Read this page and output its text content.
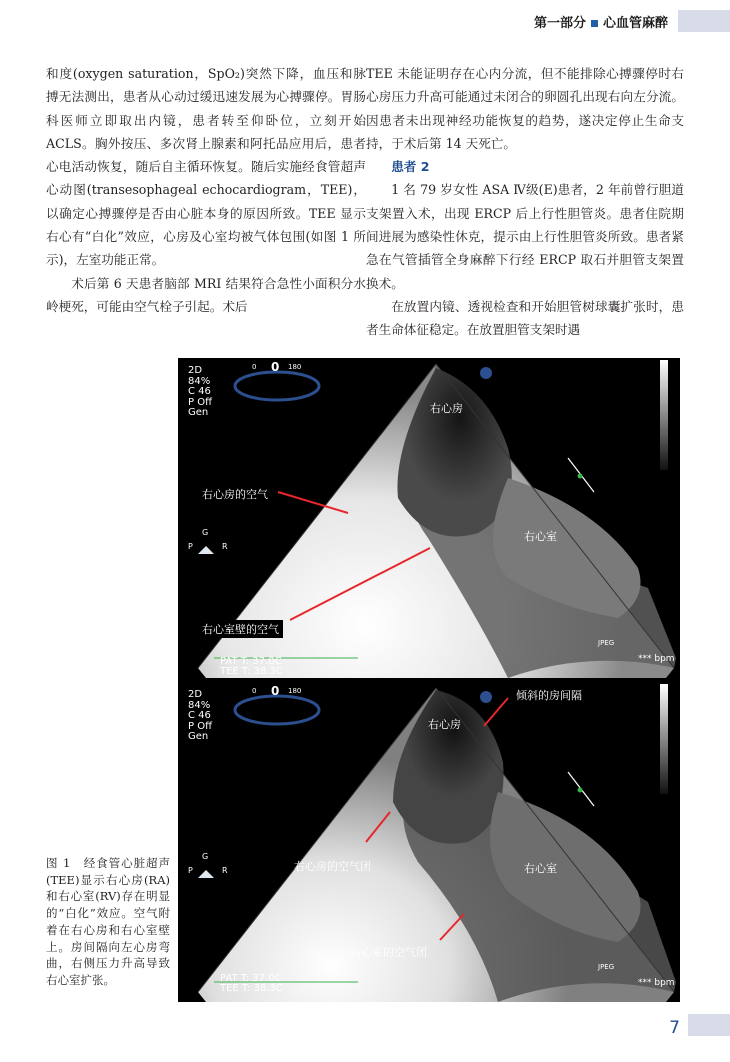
第一部分 心血管麻醉

和度(oxygen saturation，SpO₂)突然下降，血压和脉搏无法测出，患者从心动过缓迅速发展为心搏骤停。胃肠科医师立即取出内镜，患者转至仰卧位，立刻开始 ACLS。胸外按压、多次肾上腺素和阿托品应用后，患者心电活动恢复，随后自主循环恢复。随后实施经食管超声心动图(transesophageal echocardiogram，TEE)，以确定心搏骤停是否由心脏本身的原因所致。TEE 显示右心有“白化”效应，心房及心室均被气体包围(如图 1 所示)，左室功能正常。

术后第 6 天患者脑部 MRI 结果符合急性小面积分水岭梗死，可能由空气栓子引起。术后

TEE 未能证明存在心内分流，但不能排除心搏骤停时右心房压力升高可能通过未闭合的卵圆孔出现右向左分流。因患者未出现神经功能恢复的趋势，遂决定停止生命支持，于术后第 14 天死亡。

患者 2

1 名 79 岁女性 ASA Ⅳ级(E)患者，2 年前曾行胆道支架置入术，出现 ERCP 后上行性胆管炎。患者住院期间进展为感染性休克，提示由上行性胆管炎所致。患者紧急在气管插管全身麻醉下行经 ERCP 取石并胆管支架置换术。

在放置内镜、透视检查和开始胆管树球囊扩张时，患者生命体征稳定。在放置胆管支架时遇

2D
84%
C 46
P Off
Gen
0 0 180
G
P	R
JPEG
*** bpm
右心房
右心室
右心房的空气
右心室壁的空气
2D
84%
C 46
P Off
Gen
0 0 180
G
P	R
JPEG
*** bpm
右心房
倾斜的房间隔
右心室
右心房的空气团
右心室的空气团
PAT T: 37.0C
TEE T: 38.3C
PAT T: 37.0C
TEE T: 38.3C
图 1　经食管心脏超声(TEE)显示右心房(RA)和右心室(RV)存在明显的“白化”效应。空气附着在右心房和右心室壁上。房间隔向左心房弯曲，右侧压力升高导致右心室扩张。
7
